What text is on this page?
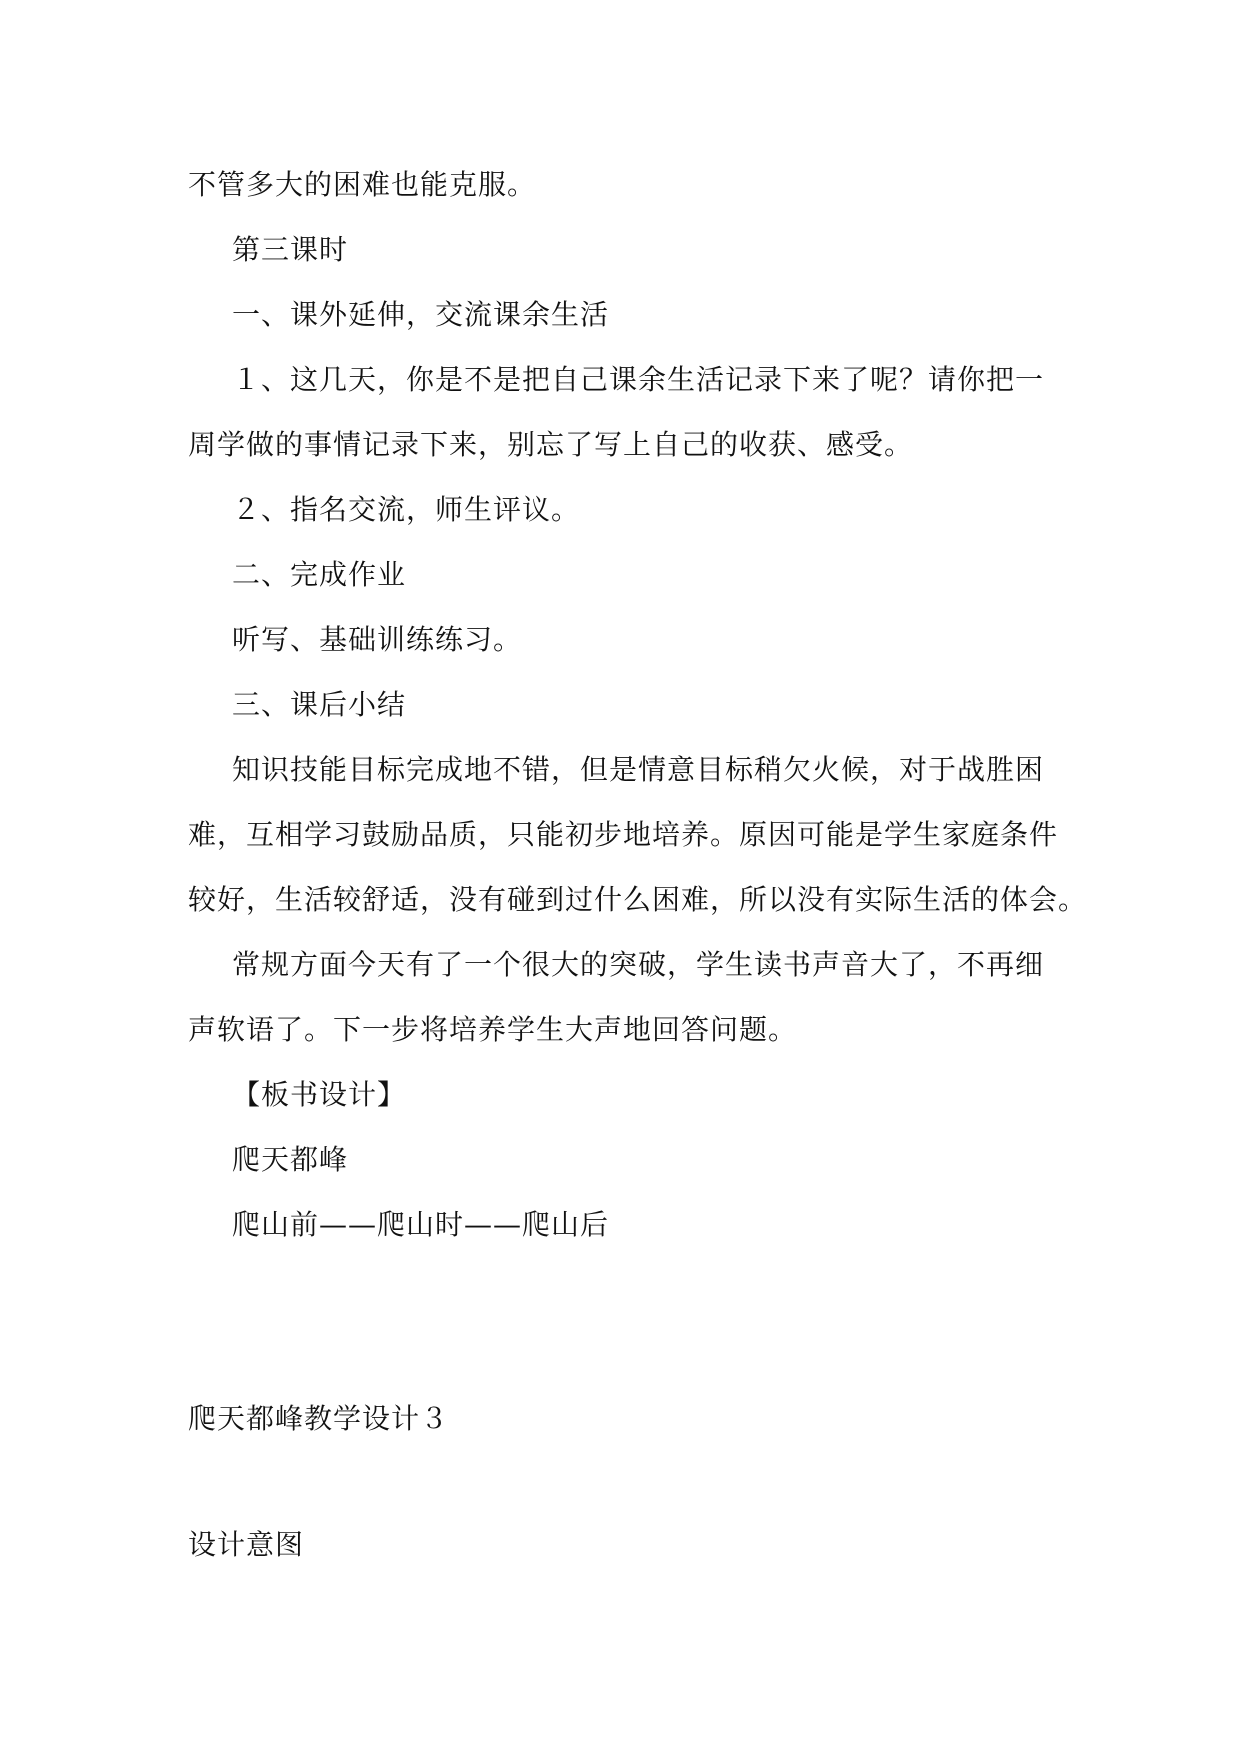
不管多大的困难也能克服。
第三课时
一、课外延伸，交流课余生活
１、这几天，你是不是把自己课余生活记录下来了呢？请你把一
周学做的事情记录下来，别忘了写上自己的收获、感受。
２、指名交流，师生评议。
二、完成作业
听写、基础训练练习。
三、课后小结
知识技能目标完成地不错，但是情意目标稍欠火候，对于战胜困
难，互相学习鼓励品质，只能初步地培养。原因可能是学生家庭条件
较好，生活较舒适，没有碰到过什么困难，所以没有实际生活的体会。
常规方面今天有了一个很大的突破，学生读书声音大了，不再细
声软语了。下一步将培养学生大声地回答问题。
【板书设计】
爬天都峰
爬山前——爬山时——爬山后
爬天都峰教学设计３
设计意图
